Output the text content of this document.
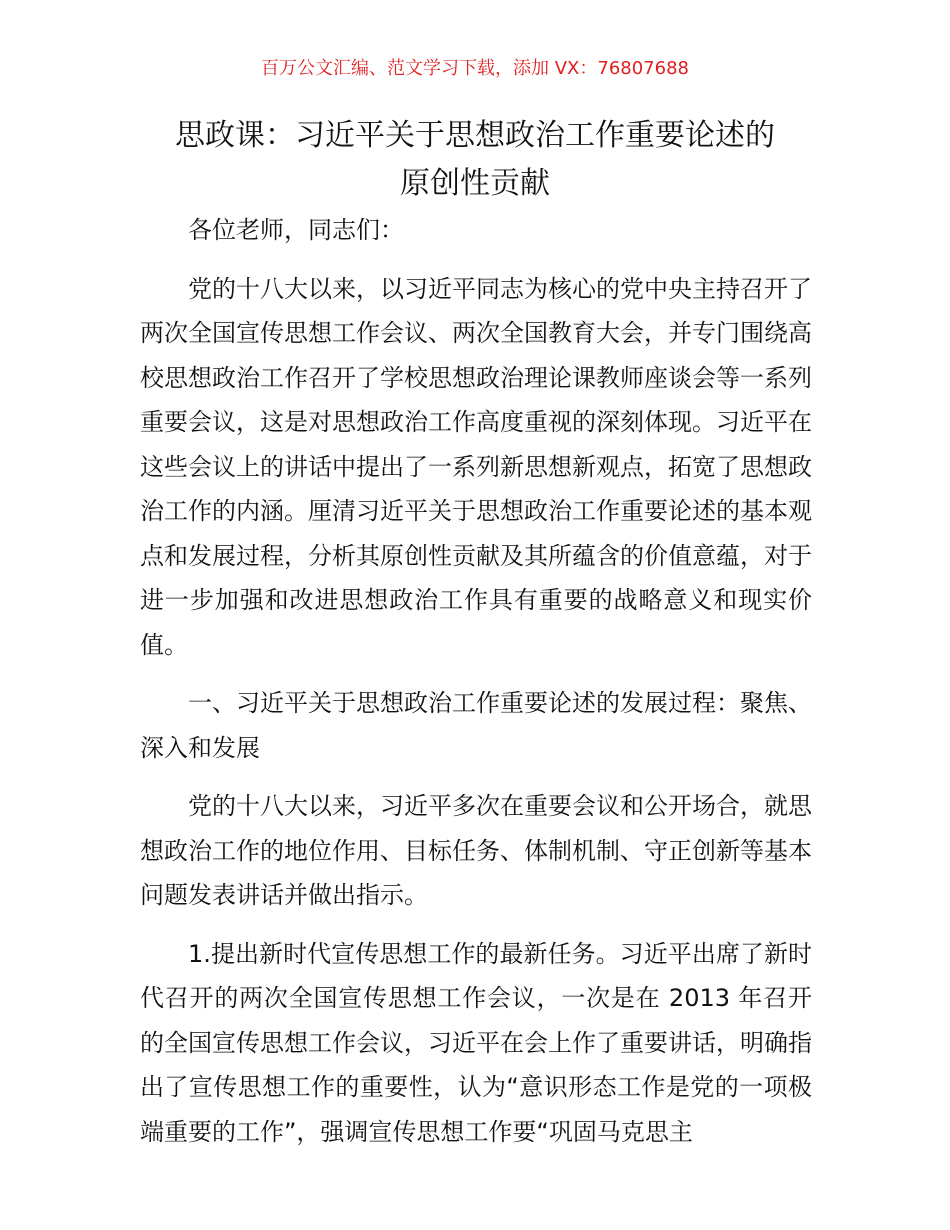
百万公文汇编、范文学习下载，添加 VX：76807688
思政课：习近平关于思想政治工作重要论述的
原创性贡献

各位老师，同志们：

党的十八大以来，以习近平同志为核心的党中央主持召开了两次全国宣传思想工作会议、两次全国教育大会，并专门围绕高校思想政治工作召开了学校思想政治理论课教师座谈会等一系列重要会议，这是对思想政治工作高度重视的深刻体现。习近平在这些会议上的讲话中提出了一系列新思想新观点，拓宽了思想政治工作的内涵。厘清习近平关于思想政治工作重要论述的基本观点和发展过程，分析其原创性贡献及其所蕴含的价值意蕴，对于进一步加强和改进思想政治工作具有重要的战略意义和现实价值。

一、习近平关于思想政治工作重要论述的发展过程：聚焦、深入和发展

党的十八大以来，习近平多次在重要会议和公开场合，就思想政治工作的地位作用、目标任务、体制机制、守正创新等基本问题发表讲话并做出指示。

1.提出新时代宣传思想工作的最新任务。习近平出席了新时代召开的两次全国宣传思想工作会议，一次是在 2013 年召开的全国宣传思想工作会议，习近平在会上作了重要讲话，明确指出了宣传思想工作的重要性，认为“意识形态工作是党的一项极端重要的工作”，强调宣传思想工作要“巩固马克思主
